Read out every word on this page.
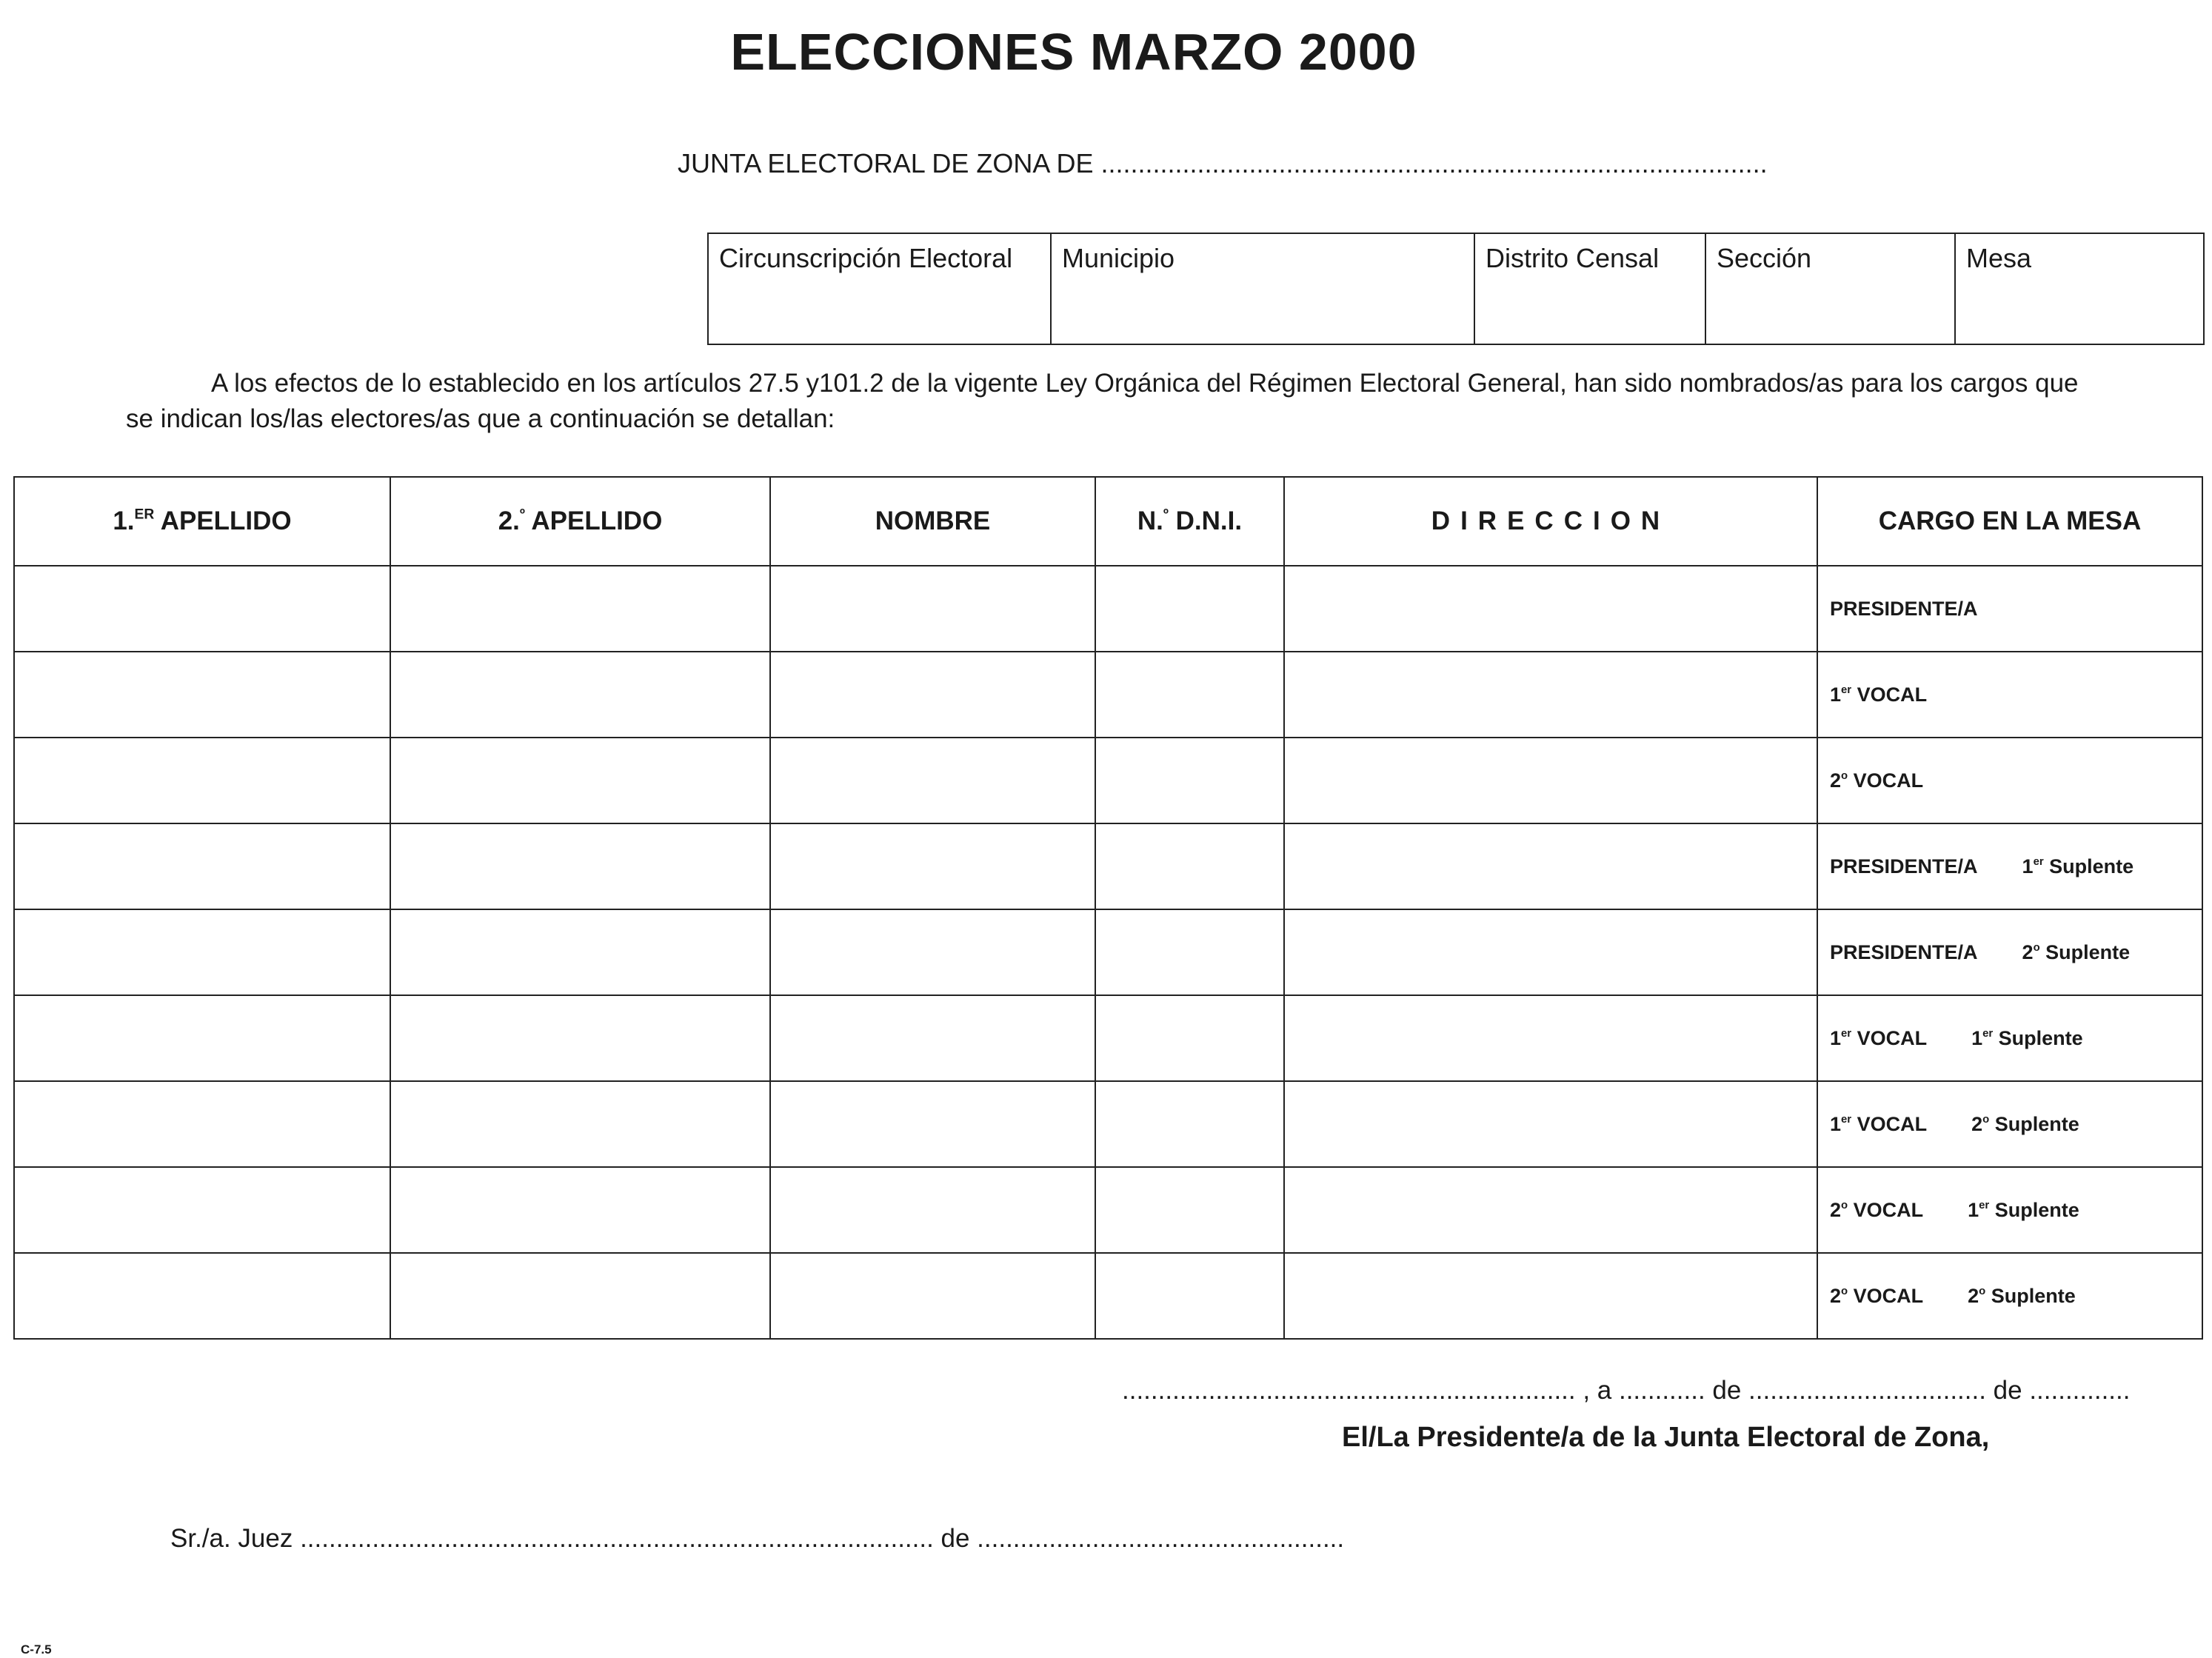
ELECCIONES MARZO 2000
JUNTA ELECTORAL DE ZONA DE ..........................................................................................
Circunscripción Electoral	Municipio	Distrito Censal	Sección	Mesa
A los efectos de lo establecido en los artículos 27.5 y101.2 de la vigente Ley Orgánica del Régimen Electoral General, han sido nombrados/as para los cargos que
se indican los/las electores/as que a continuación se detallan:
1.$^{ER}$ APELLIDO	2.$^º$ APELLIDO	NOMBRE	N.$^º$ D.N.I.	DIRECCION	CARGO EN LA MESA
					PRESIDENTE/A
					1er VOCAL
					2$^o$ VOCAL
					PRESIDENTE/A 1er Suplente
					PRESIDENTE/A 2$^o$ Suplente
					1er VOCAL 1er Suplente
					1er VOCAL 2$^o$ Suplente
					2$^o$ VOCAL 1er Suplente
					2$^o$ VOCAL 2$^o$ Suplente
............................................................... , a ............ de ................................. de ..............
El/La Presidente/a de la Junta Electoral de Zona,
Sr./a. Juez ........................................................................................ de ...................................................
C-7.5
